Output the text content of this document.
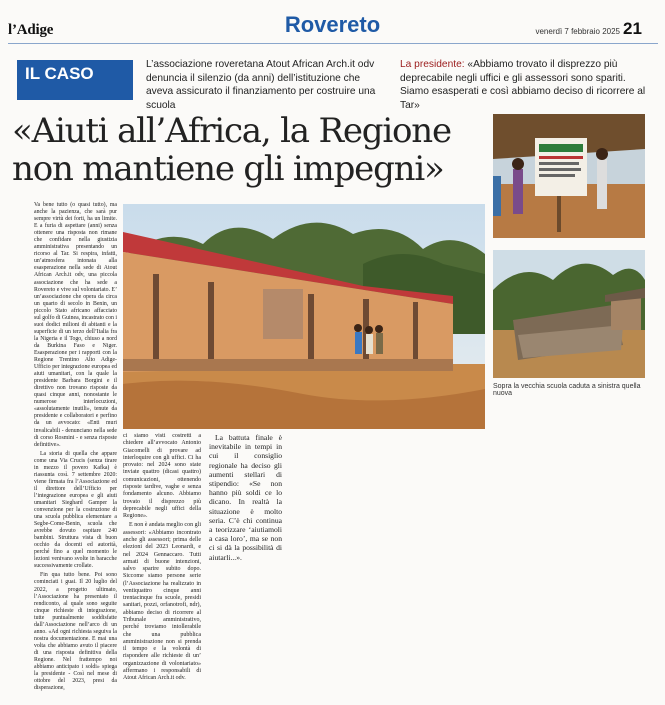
l’Adige	Rovereto	venerdì 7 febbraio 2025 21
IL CASO	L’associazione roveretana Atout African Arch.it odv denuncia il silenzio (da anni) dell’istituzione che aveva assicurato il finanziamento per costruire una scuola
La presidente: «Abbiamo trovato il disprezzo più deprecabile negli uffici e gli assessori sono spariti. Siamo esasperati e così abbiamo deciso di ricorrere al Tar»
«Aiuti all’Africa, la Regione non mantiene gli impegni»
Sopra la vecchia scuola caduta a sinistra quella nuova

Va bene tutto (o quasi tutto), ma anche la pazienza, che sarà pur sempre virtù dei forti, ha un limite. E a furia di aspettare (anni) senza ottenere una risposta non rimane che confidare nella giustizia amministrativa presentando un ricorso al Tar. Si respira, infatti, un’atmosfera intonata alla esasperazione nella sede di Atout African Arch.it odv, una piccola associazione che ha sede a Rovereto e vive sul volontariato. E’ un’associazione che opera da circa un quarto di secolo in Benin, un piccolo Stato africano affacciato sul golfo di Guinea, incastrato con i suoi dodici milioni di abitanti e la superficie di un terzo dell’Italia fra la Nigeria e il Togo, chiuso a nord da Burkina Faso e Niger. Esasperazione per i rapporti con la Regione Trentino Alto Adige-Ufficio per integrazione europea ed aiuti umanitari, con la quale la presidente Barbara Borgini e il direttivo non trovano risposte da quasi cinque anni, nonostante le numerose interlocuzioni, «assolutamente inutili», tenute da presidente e collaboratori e perfino da un avvocato: «Enti muri invalicabili - denunciano nella sede di corso Rosmini - e senza risposte definitive».

La storia di quella che appare come una Via Crucis (senza tirare in mezzo il povero Kafka) è riassunta così. 7 settembre 2020: viene firmata fra l’Associazione ed il direttore dell’Ufficio per l’integrazione europea e gli aiuti umanitari Sieghard Gamper la convenzione per la costruzione di una scuola pubblica elementare a Segbe-Come-Benin, scuola che avrebbe dovuto ospitare 240 bambini. Struttura vista di buon occhio da docenti ed autorità, perché fino a quel momento le lezioni venivano svolte in baracche successivamente crollate.

Fin qua tutto bene. Poi sono cominciati i guai. Il 20 luglio del 2022, a progetto ultimato, l’Associazione ha presentato il rendiconto, al quale sono seguite cinque richieste di integrazione, tutte puntualmente soddisfatte dall’Associazione nell’arco di un anno. «Ad ogni richiesta seguiva la nostra documentazione. E mai una volta che abbiamo avuto il piacere di una risposta definitiva della Regione. Nel frattempo noi abbiamo anticipato i soldi» spiega la presidente - Così nel mese di ottobre del 2023, presi da disperazione,

ci siamo visti costretti a chiedere all’avvocato Antonio Giacomelli di provare ad interloquire con gli uffici. Ci ha provato: nel 2024 sono state inviate quattro (dicasi quattro) comunicazioni, ottenendo risposte tardive, vaghe e senza fondamento alcuno. Abbiamo trovato il disprezzo più deprecabile negli uffici della Regione».

E non è andata meglio con gli assessori: «Abbiamo incontrato anche gli assessori; prima delle elezioni del 2023 Leonardi, e nel 2024 Gennaccaro. Tutti armati di buone intenzioni, salvo sparire subito dopo. Siccome siamo persone serie (l’Associazione ha realizzato in ventiquattro cinque anni trentacinque fra scuole, presidi sanitari, pozzi, orfanotrofi, ndr), abbiamo deciso di ricorrere al Tribunale amministrativo, perché troviamo intollerabile che una pubblica amministrazione non si prenda il tempo e la volontà di rispondere alle richieste di un’ organizzazione di volontariato» affermano i responsabili di Atout African Arch.it odv.

La battuta finale è inevitabile in tempi in cui il consiglio regionale ha deciso gli aumenti stellari di stipendio: «Se non hanno più soldi ce lo dicano. In realtà la situazione è molto seria. C’è chi continua a teorizzare ‘aiutiamoli a casa loro’, ma se non ci si dà la possibilità di aiutarli...».
